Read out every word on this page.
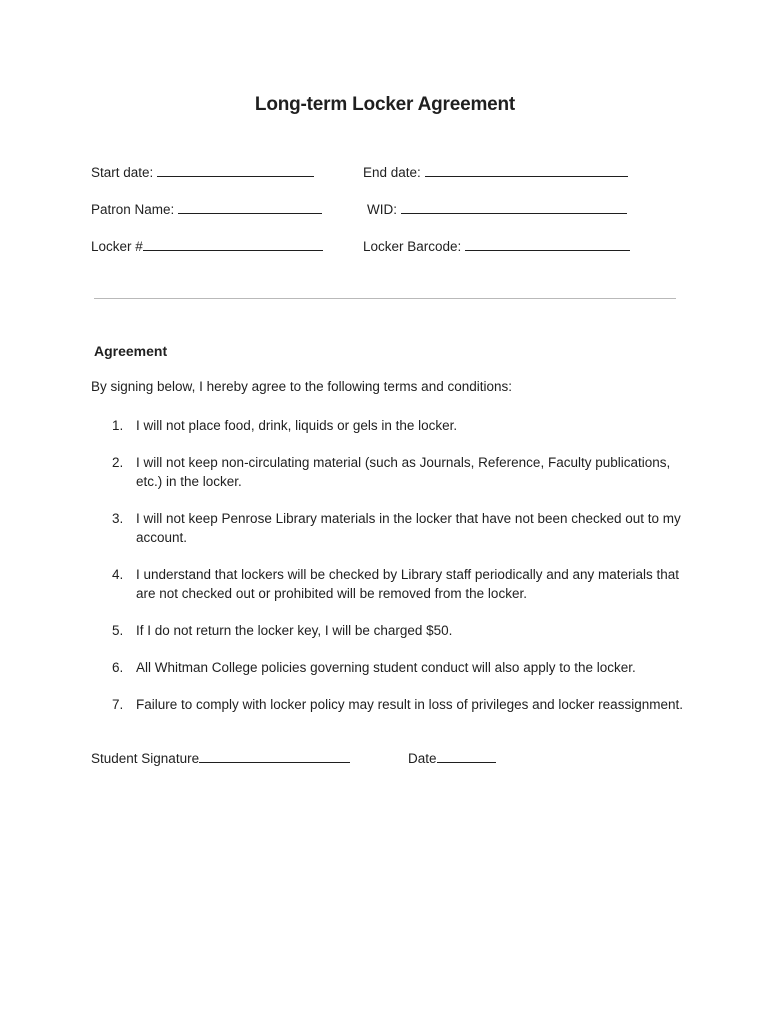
Long-term Locker Agreement
Start date:	End date:
Patron Name:	WID:
Locker #	Locker Barcode:
Agreement
By signing below, I hereby agree to the following terms and conditions:
1. I will not place food, drink, liquids or gels in the locker.
2. I will not keep non-circulating material (such as Journals, Reference, Faculty publications, etc.) in the locker.
3. I will not keep Penrose Library materials in the locker that have not been checked out to my account.
4. I understand that lockers will be checked by Library staff periodically and any materials that are not checked out or prohibited will be removed from the locker.
5. If I do not return the locker key, I will be charged $50.
6. All Whitman College policies governing student conduct will also apply to the locker.
7. Failure to comply with locker policy may result in loss of privileges and locker reassignment.
Student Signature	Date
